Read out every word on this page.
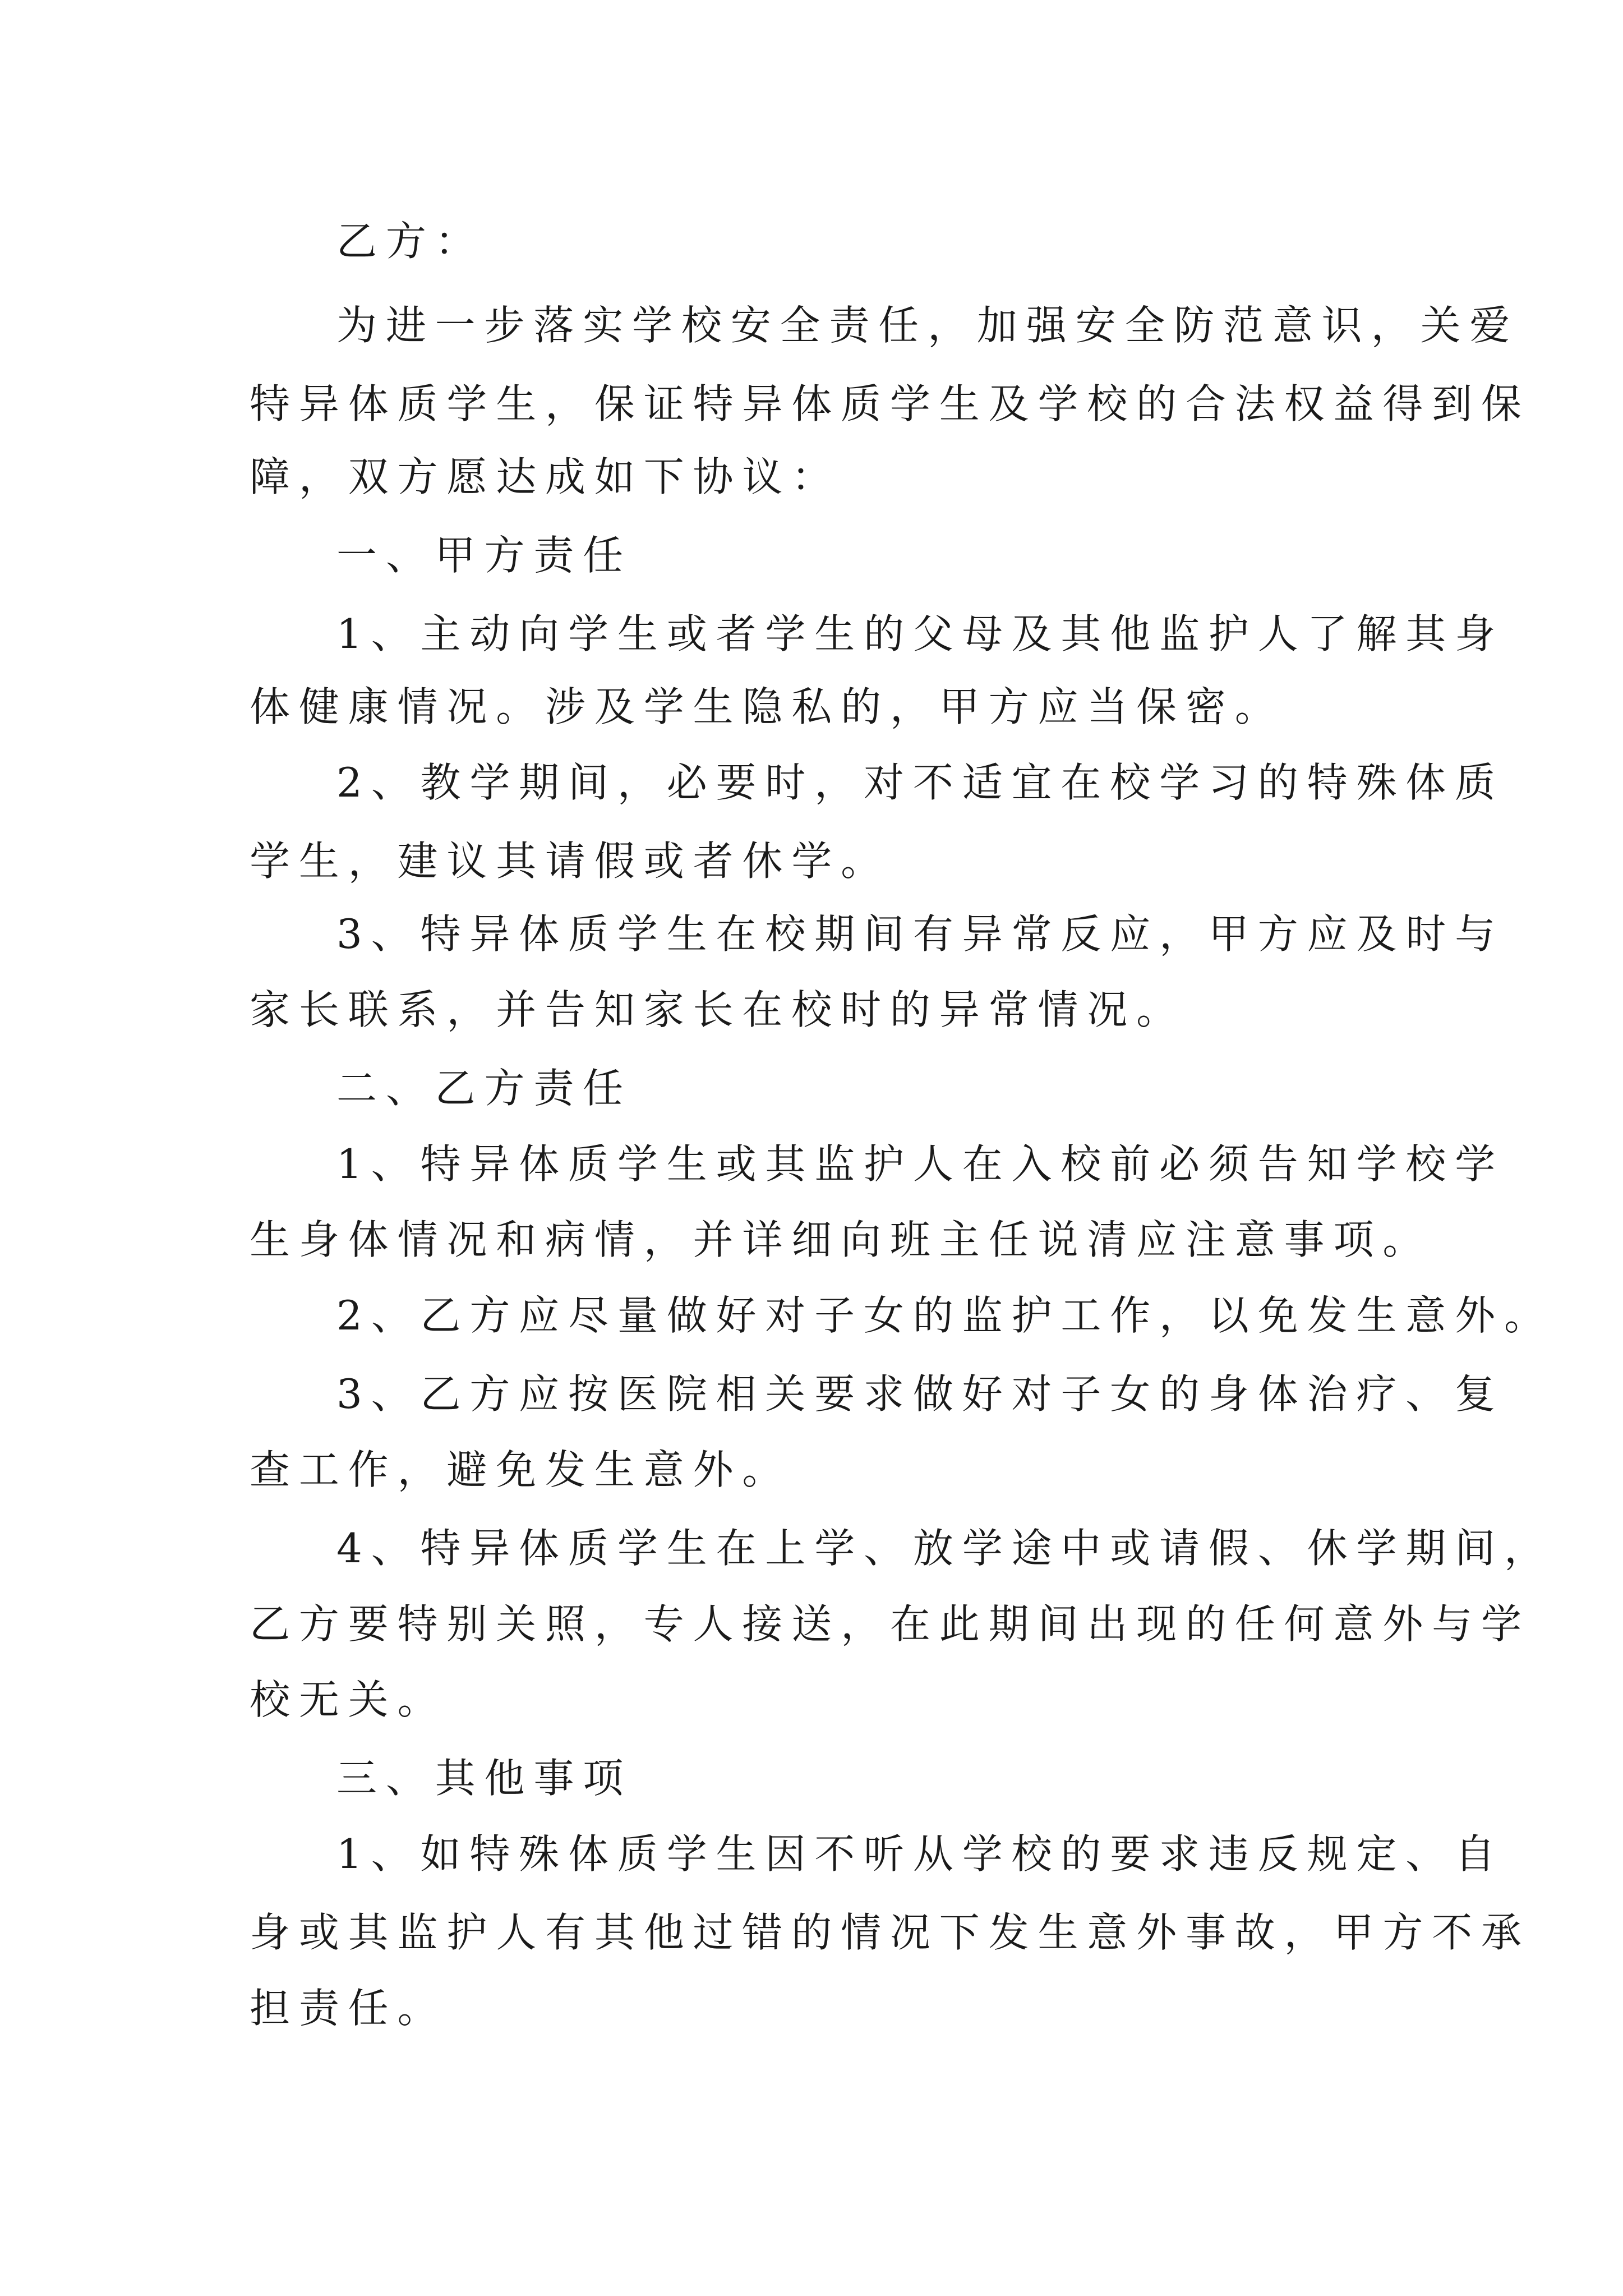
乙方：
为进一步落实学校安全责任，加强安全防范意识，关爱
特异体质学生，保证特异体质学生及学校的合法权益得到保
障，双方愿达成如下协议：
一、甲方责任
1、主动向学生或者学生的父母及其他监护人了解其身
体健康情况。涉及学生隐私的，甲方应当保密。
2、教学期间，必要时，对不适宜在校学习的特殊体质
学生，建议其请假或者休学。
3、特异体质学生在校期间有异常反应，甲方应及时与
家长联系，并告知家长在校时的异常情况。
二、乙方责任
1、特异体质学生或其监护人在入校前必须告知学校学
生身体情况和病情，并详细向班主任说清应注意事项。
2、乙方应尽量做好对子女的监护工作，以免发生意外。
3、乙方应按医院相关要求做好对子女的身体治疗、复
查工作，避免发生意外。
4、特异体质学生在上学、放学途中或请假、休学期间，
乙方要特别关照，专人接送，在此期间出现的任何意外与学
校无关。
三、其他事项
1、如特殊体质学生因不听从学校的要求违反规定、自
身或其监护人有其他过错的情况下发生意外事故，甲方不承
担责任。
